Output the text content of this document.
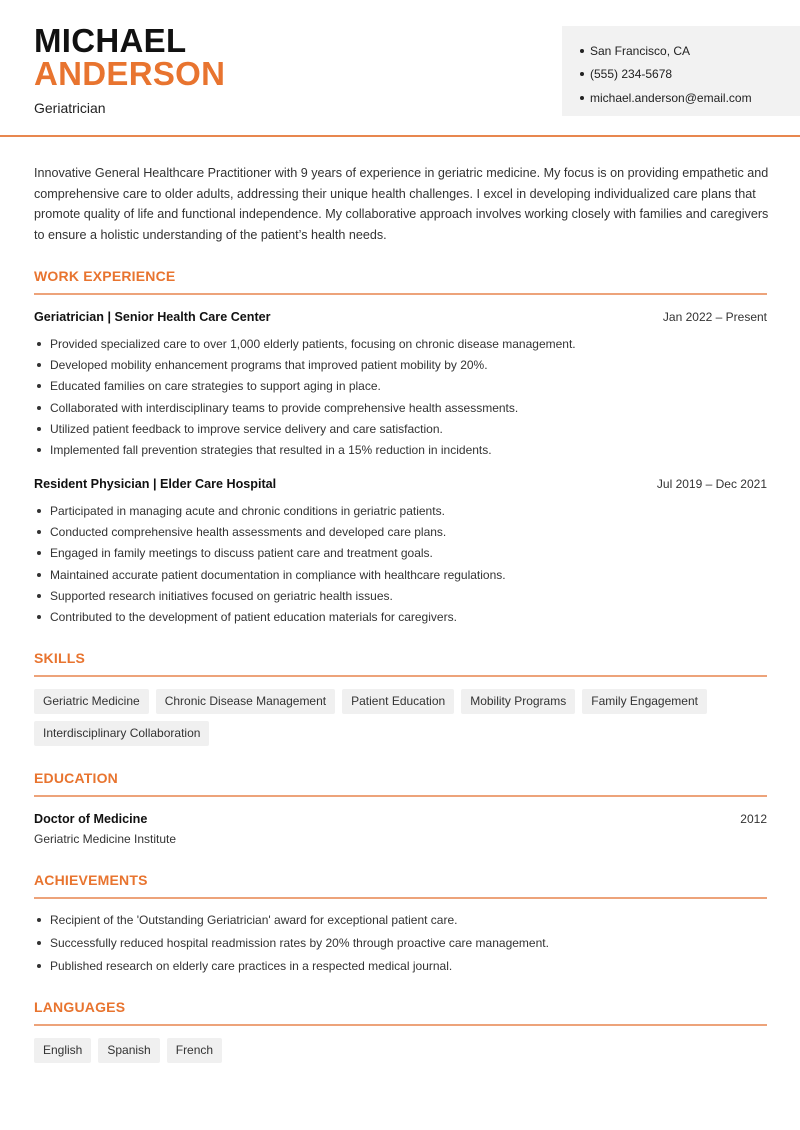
MICHAEL
ANDERSON
Geriatrician
San Francisco, CA
(555) 234-5678
michael.anderson@email.com

Innovative General Healthcare Practitioner with 9 years of experience in geriatric medicine. My focus is on providing empathetic and comprehensive care to older adults, addressing their unique health challenges. I excel in developing individualized care plans that promote quality of life and functional independence. My collaborative approach involves working closely with families and caregivers to ensure a holistic understanding of the patient’s health needs.

WORK EXPERIENCE
Geriatrician | Senior Health Care Center	Jan 2022 – Present
Provided specialized care to over 1,000 elderly patients, focusing on chronic disease management.
Developed mobility enhancement programs that improved patient mobility by 20%.
Educated families on care strategies to support aging in place.
Collaborated with interdisciplinary teams to provide comprehensive health assessments.
Utilized patient feedback to improve service delivery and care satisfaction.
Implemented fall prevention strategies that resulted in a 15% reduction in incidents.
Resident Physician | Elder Care Hospital	Jul 2019 – Dec 2021
Participated in managing acute and chronic conditions in geriatric patients.
Conducted comprehensive health assessments and developed care plans.
Engaged in family meetings to discuss patient care and treatment goals.
Maintained accurate patient documentation in compliance with healthcare regulations.
Supported research initiatives focused on geriatric health issues.
Contributed to the development of patient education materials for caregivers.
SKILLS
Geriatric Medicine	Chronic Disease Management	Patient Education	Mobility Programs	Family Engagement
Interdisciplinary Collaboration
EDUCATION
Doctor of Medicine	2012
Geriatric Medicine Institute
ACHIEVEMENTS
Recipient of the 'Outstanding Geriatrician' award for exceptional patient care.
Successfully reduced hospital readmission rates by 20% through proactive care management.
Published research on elderly care practices in a respected medical journal.
LANGUAGES
English	Spanish	French
